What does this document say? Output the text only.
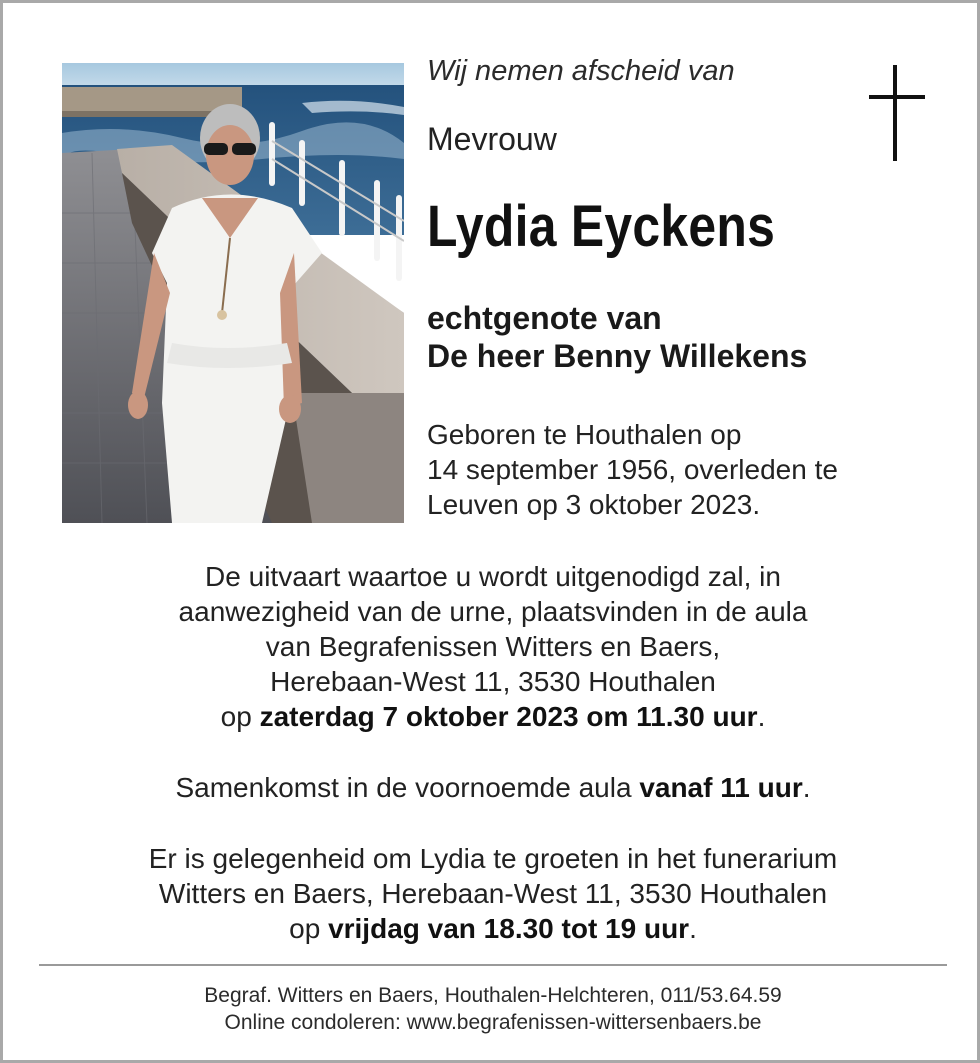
Wij nemen afscheid van
Mevrouw
Lydia Eyckens
echtgenote van
De heer Benny Willekens
Geboren te Houthalen op
14 september 1956, overleden te
Leuven op 3 oktober 2023.
De uitvaart waartoe u wordt uitgenodigd zal, in
aanwezigheid van de urne, plaatsvinden in de aula
van Begrafenissen Witters en Baers,
Herebaan-West 11, 3530 Houthalen
op zaterdag 7 oktober 2023 om 11.30 uur.
Samenkomst in de voornoemde aula vanaf 11 uur.
Er is gelegenheid om Lydia te groeten in het funerarium
Witters en Baers, Herebaan-West 11, 3530 Houthalen
op vrijdag van 18.30 tot 19 uur.
Begraf. Witters en Baers, Houthalen-Helchteren, 011/53.64.59
Online condoleren: www.begrafenissen-wittersenbaers.be
